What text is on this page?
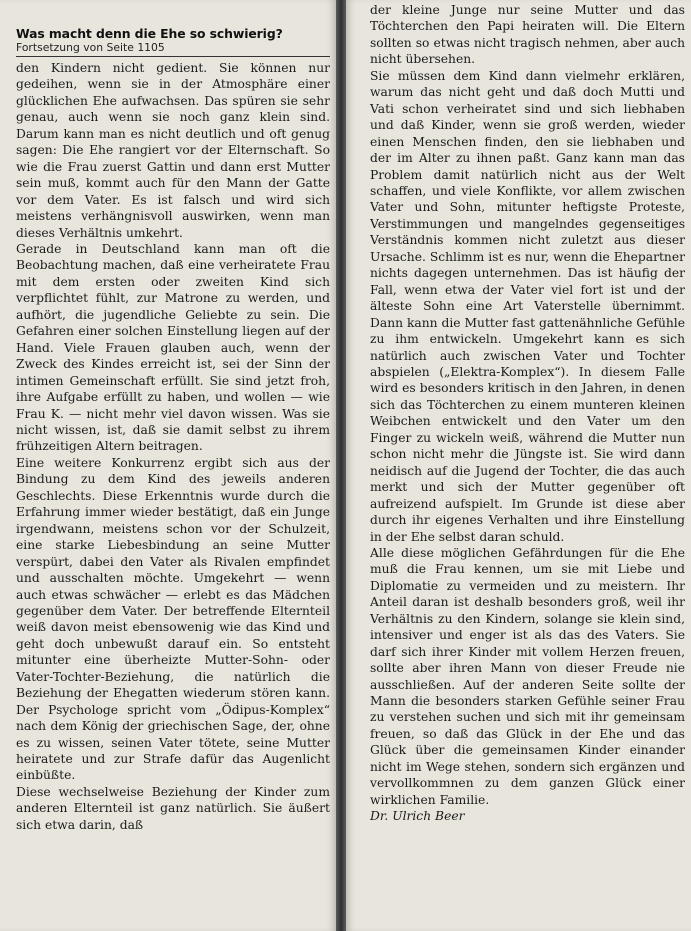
Was macht denn die Ehe so schwierig?
Fortsetzung von Seite 1105

den Kindern nicht gedient. Sie können nur gedeihen, wenn sie in der Atmosphäre einer glücklichen Ehe aufwachsen. Das spüren sie sehr genau, auch wenn sie noch ganz klein sind. Darum kann man es nicht deutlich und oft genug sagen: Die Ehe rangiert vor der Elternschaft. So wie die Frau zuerst Gattin und dann erst Mutter sein muß, kommt auch für den Mann der Gatte vor dem Vater. Es ist falsch und wird sich meistens verhängnisvoll auswirken, wenn man dieses Verhältnis umkehrt.

Gerade in Deutschland kann man oft die Beobachtung machen, daß eine verheiratete Frau mit dem ersten oder zweiten Kind sich verpflichtet fühlt, zur Matrone zu werden, und aufhört, die jugendliche Geliebte zu sein. Die Gefahren einer solchen Einstellung liegen auf der Hand. Viele Frauen glauben auch, wenn der Zweck des Kindes erreicht ist, sei der Sinn der intimen Gemeinschaft erfüllt. Sie sind jetzt froh, ihre Aufgabe erfüllt zu haben, und wollen — wie Frau K. — nicht mehr viel davon wissen. Was sie nicht wissen, ist, daß sie damit selbst zu ihrem frühzeitigen Altern beitragen.

Eine weitere Konkurrenz ergibt sich aus der Bindung zu dem Kind des jeweils anderen Geschlechts. Diese Erkenntnis wurde durch die Erfahrung immer wieder bestätigt, daß ein Junge irgendwann, meistens schon vor der Schulzeit, eine starke Liebesbindung an seine Mutter verspürt, dabei den Vater als Rivalen empfindet und ausschalten möchte. Umgekehrt — wenn auch etwas schwächer — erlebt es das Mädchen gegenüber dem Vater. Der betreffende Elternteil weiß davon meist ebensowenig wie das Kind und geht doch unbewußt darauf ein. So entsteht mitunter eine überheizte Mutter-Sohn- oder Vater-Tochter-Beziehung, die natürlich die Beziehung der Ehegatten wiederum stören kann. Der Psychologe spricht vom „Ödipus-Komplex“ nach dem König der griechischen Sage, der, ohne es zu wissen, seinen Vater tötete, seine Mutter heiratete und zur Strafe dafür das Augenlicht einbüßte.

Diese wechselweise Beziehung der Kinder zum anderen Elternteil ist ganz natürlich. Sie äußert sich etwa darin, daß

der kleine Junge nur seine Mutter und das Töchterchen den Papi heiraten will. Die Eltern sollten so etwas nicht tragisch nehmen, aber auch nicht übersehen.

Sie müssen dem Kind dann vielmehr erklären, warum das nicht geht und daß doch Mutti und Vati schon verheiratet sind und sich liebhaben und daß Kinder, wenn sie groß werden, wieder einen Menschen finden, den sie liebhaben und der im Alter zu ihnen paßt. Ganz kann man das Problem damit natürlich nicht aus der Welt schaffen, und viele Konflikte, vor allem zwischen Vater und Sohn, mitunter heftigste Proteste, Verstimmungen und mangelndes gegenseitiges Verständnis kommen nicht zuletzt aus dieser Ursache. Schlimm ist es nur, wenn die Ehepartner nichts dagegen unternehmen. Das ist häufig der Fall, wenn etwa der Vater viel fort ist und der älteste Sohn eine Art Vaterstelle übernimmt. Dann kann die Mutter fast gattenähnliche Gefühle zu ihm entwickeln. Umgekehrt kann es sich natürlich auch zwischen Vater und Tochter abspielen („Elektra-Komplex“). In diesem Falle wird es besonders kritisch in den Jahren, in denen sich das Töchterchen zu einem munteren kleinen Weibchen entwickelt und den Vater um den Finger zu wickeln weiß, während die Mutter nun schon nicht mehr die Jüngste ist. Sie wird dann neidisch auf die Jugend der Tochter, die das auch merkt und sich der Mutter gegenüber oft aufreizend aufspielt. Im Grunde ist diese aber durch ihr eigenes Verhalten und ihre Einstellung in der Ehe selbst daran schuld.

Alle diese möglichen Gefährdungen für die Ehe muß die Frau kennen, um sie mit Liebe und Diplomatie zu vermeiden und zu meistern. Ihr Anteil daran ist deshalb besonders groß, weil ihr Verhältnis zu den Kindern, solange sie klein sind, intensiver und enger ist als das des Vaters. Sie darf sich ihrer Kinder mit vollem Herzen freuen, sollte aber ihren Mann von dieser Freude nie ausschließen. Auf der anderen Seite sollte der Mann die besonders starken Gefühle seiner Frau zu verstehen suchen und sich mit ihr gemeinsam freuen, so daß das Glück in der Ehe und das Glück über die gemeinsamen Kinder einander nicht im Wege stehen, sondern sich ergänzen und vervollkommnen zu dem ganzen Glück einer wirklichen Familie.
Dr. Ulrich Beer
